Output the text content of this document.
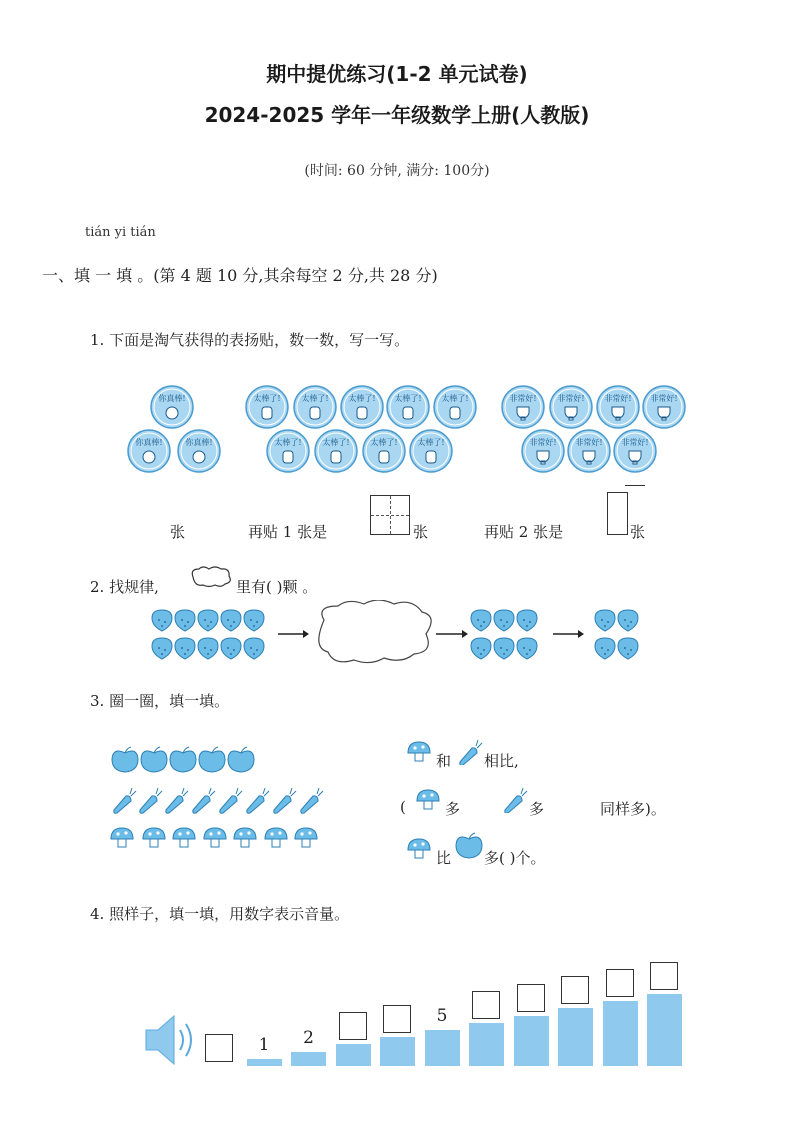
期中提优练习(1-2 单元试卷)
2024-2025 学年一年级数学上册(人教版)
(时间: 60 分钟, 满分: 100分)
tián yi tián
一、填 一 填 。(第 4 题 10 分,其余每空 2 分,共 28 分)
1. 下面是淘气获得的表扬贴，数一数，写一写。
你真棒!
你真棒!	你真棒!
太棒了!	太棒了! 太棒了! 太棒了! 太棒了!
太棒了!	太棒了!	太棒了! 太棒了!
非常好!	非常好! 非常好! 非常好!
非常好! 非常好! 非常好!
张	再贴 1 张是	张	再贴 2 张是	张
2. 找规律,	里有( )颗 。
3. 圈一圈，填一填。
和 相比,
(	多	多	同样多)。
比 多( )个。
4. 照样子，填一填，用数字表示音量。
1	2
5
